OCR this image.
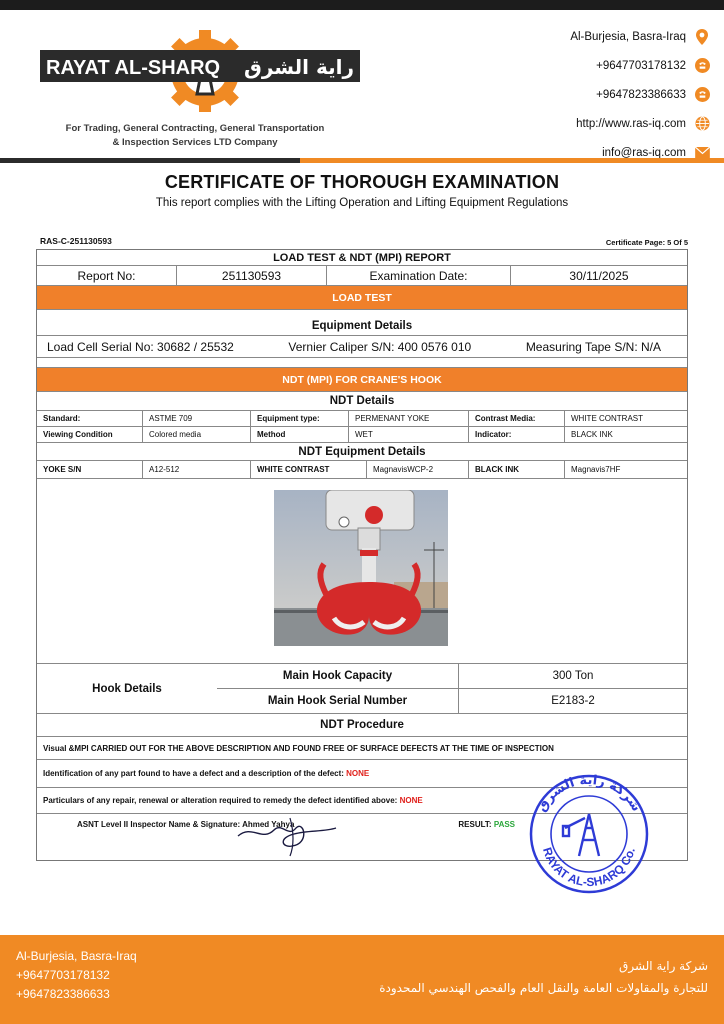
RAYAT AL-SHARQ راية الشرق
For Trading, General Contracting, General Transportation
& Inspection Services LTD Company
Al-Burjesia, Basra-Iraq
+9647703178132
+9647823386633
http://www.ras-iq.com
info@ras-iq.com
CERTIFICATE OF THOROUGH EXAMINATION
This report complies with the Lifting Operation and Lifting Equipment Regulations
RAS-C-251130593	Certificate Page: 5 Of 5
LOAD TEST & NDT (MPI) REPORT
Report No:	251130593	Examination Date:	30/11/2025
LOAD TEST
Equipment Details
Load Cell Serial No: 30682 / 25532	Vernier Caliper S/N: 400 0576 010	Measuring Tape S/N: N/A
NDT (MPI) FOR CRANE'S HOOK
NDT Details
Standard:	ASTME 709	Equipment type:	PERMENANT YOKE	Contrast Media:	WHITE CONTRAST
Viewing Condition	Colored media	Method	WET	Indicator:	BLACK INK
NDT Equipment Details
YOKE S/N	A12-512	WHITE CONTRAST	MagnavisWCP-2	BLACK INK	Magnavis7HF
Hook Details
Main Hook Capacity	300 Ton
Main Hook Serial Number	E2183-2
NDT Procedure
Visual &MPI CARRIED OUT FOR THE ABOVE DESCRIPTION AND FOUND FREE OF SURFACE DEFECTS AT THE TIME OF INSPECTION
Identification of any part found to have a defect and a description of the defect:
NONE
Particulars of any repair, renewal or alteration required to remedy the defect identified above:
NONE
ASNT Level II Inspector Name & Signature: Ahmed Yahya	RESULT:
PASS
شركة راية الشرق
RAYAT AL-SHARQ Co.
Al-Burjesia, Basra-Iraq
+9647703178132
+9647823386633
شركة راية الشرق
للتجارة والمقاولات العامة والنقل العام والفحص الهندسي المحدودة
